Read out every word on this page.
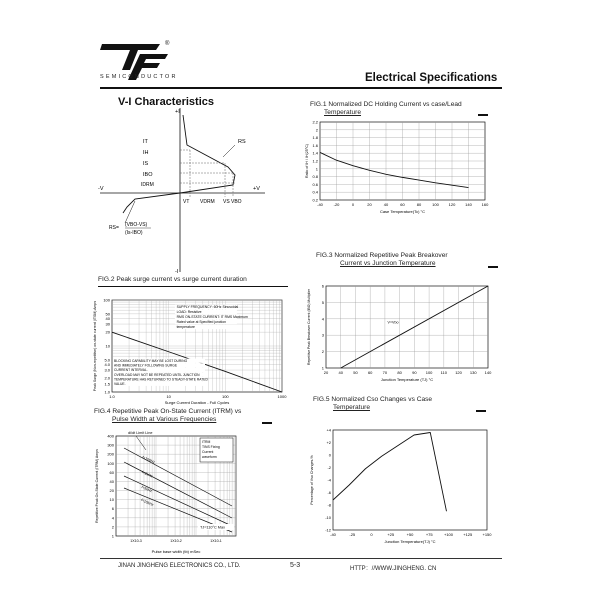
®
SEMICONDUCTOR	Electrical Specifications
V-I Characteristics
+I
-I
+V
-V
IT
IH
IS
IBO
IDRM
RS
VT VDRM VS VBO
RS= (VBO-VS)
(Is-IBO)
FIG.1 Normalized DC Holding Current vs case/Lead
Temperature
-40	-20	0	20	40	60	80	100 120 140 160
2.2
2
1.8
1.6
1.4
1.2
1
0.8
0.6
0.4
0.2
Ratio of IH / IH(25°C)
Case Temperature(Tc) °C
FIG.2 Peak surge current vs surge current duration
1.0	10	100	1000
100
50
40
30
20
10
5.0
4.0
3.0
2.0
1.5
1.0
SUPPLY FREQUENCY: 60Hz Sinusoidal
LOAD: Resistive
RMS ON-STATE CURRENT: IT RMS Maximum
Rated value at Specified junction
temperature
BLOCKING CAPABILITY MAY BE LOST DURING
AND IMMEDIATELY FOLLOWING SURGE
CURRENT INTERVAL.
OVERLOAD MAY NOT BE REPEATED UNTIL JUNCTION
TEMPERATURE HAS RETURNED TO STEADY-STATE RATED
VALUE.
Peak Surge (Non-repetitive) on-state current (ITSM) Amps
Surge Current Duration - Full Cycles
FIG.3 Normalized Repetitive Peak Breakover
Current vs Junction Temperature
20	40	50	60	70	80	90 100 110 120 130 140
6
5
4
3
2
1
V=Vbo
Repetitive Peak Breakover Current (IBO) Multiplier
Junction Temperature (TJ) °C
FIG.4 Repetitive Peak On-State Current (ITRM) vs
Pulse Width at Various Frequencies
400
300
200
100
60
40
20
10
6
4
2
1
1X10-3	1X10-2	1X10-1
f=100Hz
f=1kHz
f=5kHz
f=10kHz
di/dt Limit Line
ITRM
TINS Fixing
Current
waveform
TJ=110°C Max
Repetitive Peak On-State Current (ITRM) Amps
Pulse base width (tb) mSec
FIG.5 Normalized Cso Changes vs Case
Temperature
-40	-25	0	+25	+50	+75	+100	+125	+150
+4
+2
0
-2
-4
-6
-8
-10
-12
Percentage of Vso Changes-%
Junction Temperature(TJ) °C
JINAN JINGHENG ELECTRONICS CO., LTD.	5-3	HTTP：//WWW.JINGHENG. CN
